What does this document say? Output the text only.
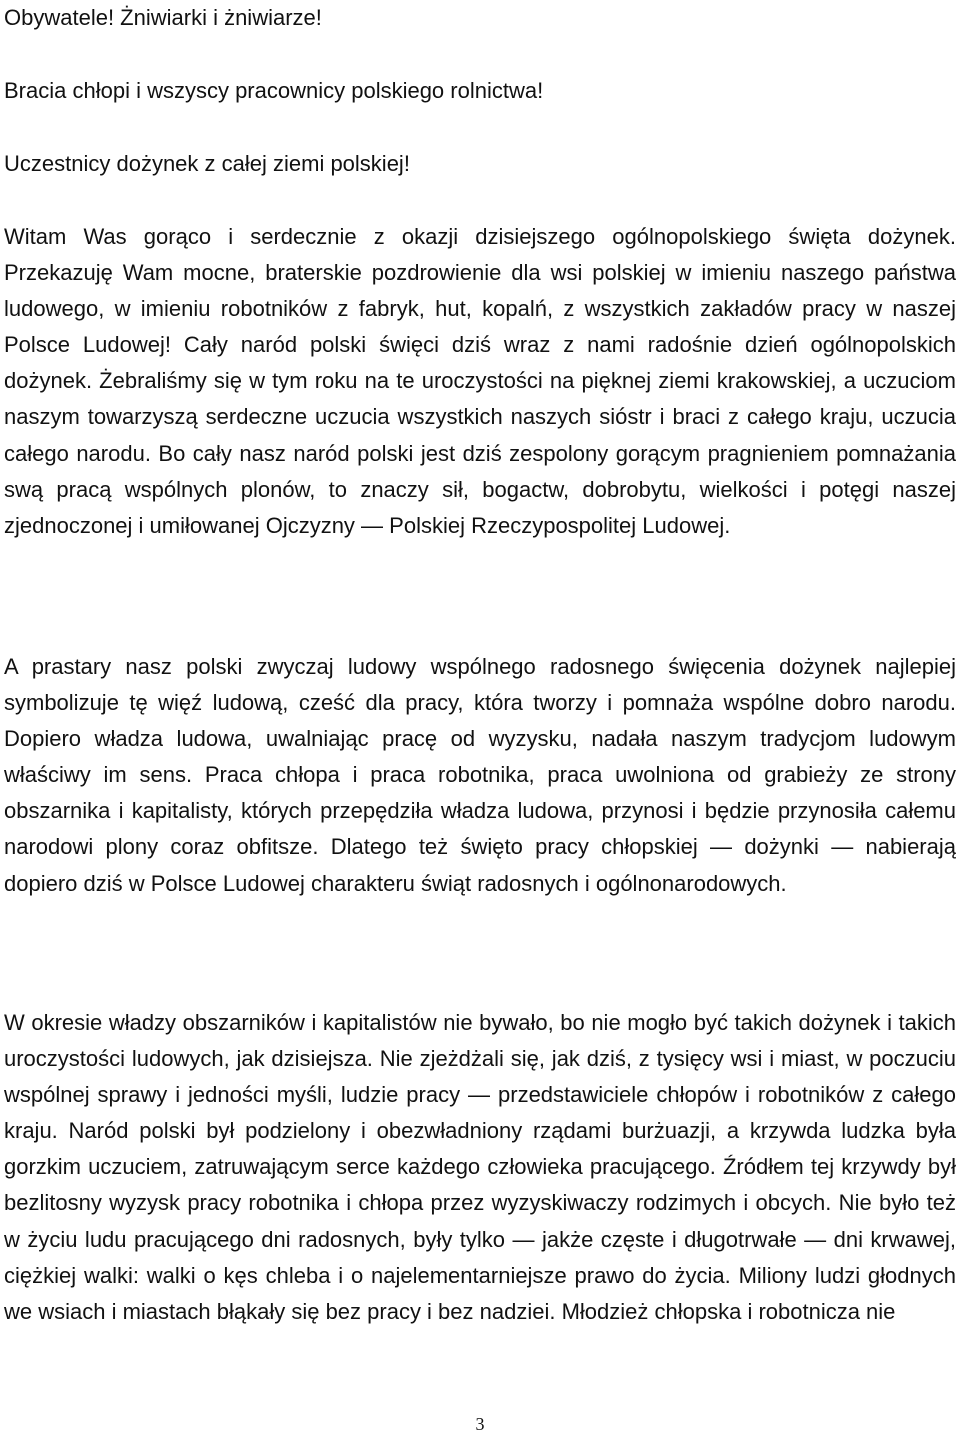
Obywatele! Żniwiarki i żniwiarze!

Bracia chłopi i wszyscy pracownicy polskiego rolnictwa!

Uczestnicy dożynek z całej ziemi polskiej!

Witam Was gorąco i serdecznie z okazji dzisiejszego ogólnopolskiego święta dożynek. Przekazuję Wam mocne, braterskie pozdrowienie dla wsi polskiej w imieniu naszego państwa ludowego, w imieniu robotników z fabryk, hut, kopalń, z wszystkich zakładów pracy w naszej Polsce Ludowej! Cały naród polski święci dziś wraz z nami radośnie dzień ogólnopolskich dożynek. Żebraliśmy się w tym roku na te uroczystości na pięknej ziemi krakowskiej, a uczuciom naszym towarzyszą serdeczne uczucia wszystkich naszych sióstr i braci z całego kraju, uczucia całego narodu. Bo cały nasz naród polski jest dziś zespolony gorącym pragnieniem pomnażania swą pracą wspólnych plonów, to znaczy sił, bogactw, dobrobytu, wielkości i potęgi naszej zjednoczonej i umiłowanej Ojczyzny — Polskiej Rzeczypospolitej Ludowej.

A prastary nasz polski zwyczaj ludowy wspólnego radosnego święcenia dożynek najlepiej symbolizuje tę więź ludową, cześć dla pracy, która tworzy i pomnaża wspólne dobro narodu. Dopiero władza ludowa, uwalniając pracę od wyzysku, nadała naszym tradycjom ludowym właściwy im sens. Praca chłopa i praca robotnika, praca uwolniona od grabieży ze strony obszarnika i kapitalisty, których przepędziła władza ludowa, przynosi i będzie przynosiła całemu narodowi plony coraz obfitsze. Dlatego też święto pracy chłopskiej — dożynki — nabierają dopiero dziś w Polsce Ludowej charakteru świąt radosnych i ogólnonarodowych.

W okresie władzy obszarników i kapitalistów nie bywało, bo nie mogło być takich dożynek i takich uroczystości ludowych, jak dzisiejsza. Nie zjeżdżali się, jak dziś, z tysięcy wsi i miast, w poczuciu wspólnej sprawy i jedności myśli, ludzie pracy — przedstawiciele chłopów i robotników z całego kraju. Naród polski był podzielony i obezwładniony rządami burżuazji, a krzywda ludzka była gorzkim uczuciem, zatruwającym serce każdego człowieka pracującego. Źródłem tej krzywdy był bezlitosny wyzysk pracy robotnika i chłopa przez wyzyskiwaczy rodzimych i obcych. Nie było też w życiu ludu pracującego dni radosnych, były tylko — jakże częste i długotrwałe — dni krwawej, ciężkiej walki: walki o kęs chleba i o najelementarniejsze prawo do życia. Miliony ludzi głodnych we wsiach i miastach błąkały się bez pracy i bez nadziei. Młodzież chłopska i robotnicza nie

3
